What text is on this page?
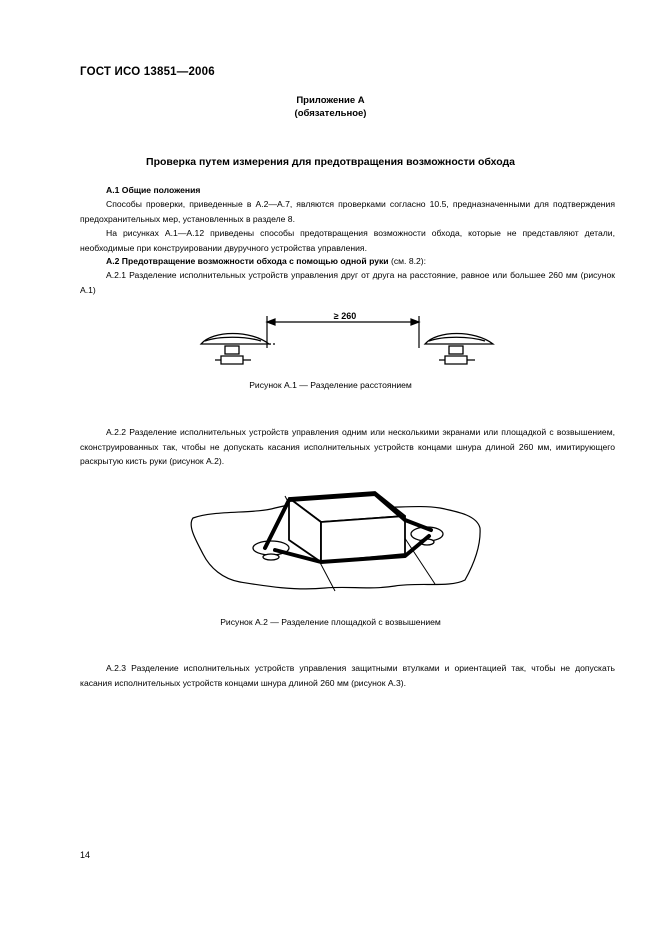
ГОСТ ИСО 13851—2006
Приложение А
(обязательное)
Проверка путем измерения для предотвращения возможности обхода
А.1 Общие положения

Способы проверки, приведенные в А.2—А.7, являются проверками согласно 10.5, предназначенными для подтверждения предохранительных мер, установленных в разделе 8.

На рисунках А.1—А.12 приведены способы предотвращения возможности обхода, которые не представляют детали, необходимые при конструировании двуручного устройства управления.

А.2 Предотвращение возможности обхода с помощью одной руки (см. 8.2):

А.2.1 Разделение исполнительных устройств управления друг от друга на расстояние, равное или большее 260 мм (рисунок А.1)

≥ 260
Рисунок А.1 — Разделение расстоянием

А.2.2 Разделение исполнительных устройств управления одним или несколькими экранами или площадкой с возвышением, сконструированных так, чтобы не допускать касания исполнительных устройств концами шнура длиной 260 мм, имитирующего раскрытую кисть руки (рисунок А.2).

Рисунок А.2 — Разделение площадкой с возвышением

А.2.3 Разделение исполнительных устройств управления защитными втулками и ориентацией так, чтобы не допускать касания исполнительных устройств концами шнура длиной 260 мм (рисунок А.3).

14
